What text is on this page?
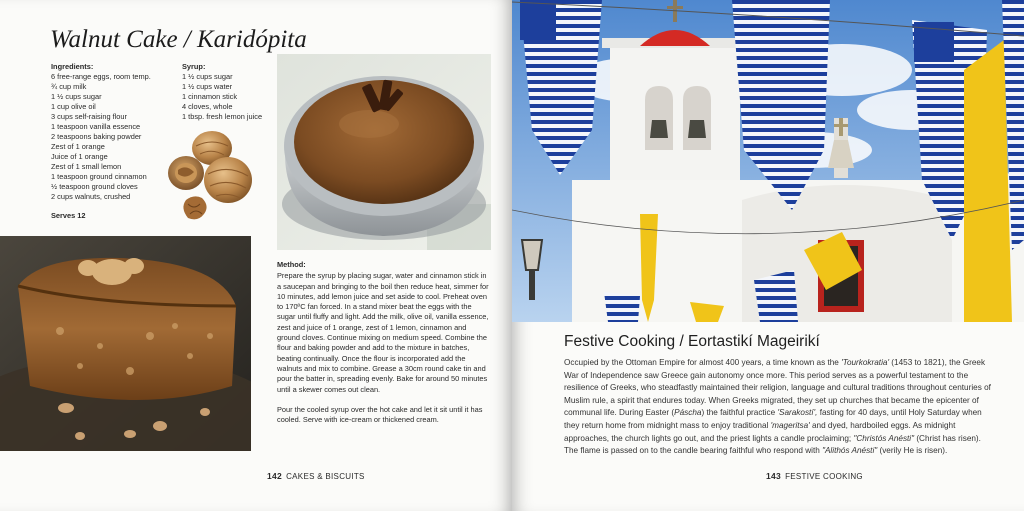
Walnut Cake / Karidópita
Ingredients:
6 free-range eggs, room temp.
¾ cup milk
1 ½ cups sugar
1 cup olive oil
3 cups self-raising flour
1 teaspoon vanilla essence
2 teaspoons baking powder
Zest of 1 orange
Juice of 1 orange
Zest of 1 small lemon
1 teaspoon ground cinnamon
½ teaspoon ground cloves
2 cups walnuts, crushed
Syrup:
1 ½ cups sugar
1 ½ cups water
1 cinnamon stick
4 cloves, whole
1 tbsp. fresh lemon juice
Serves 12
Method:

Prepare the syrup by placing sugar, water and cinnamon stick in a saucepan and bringing to the boil then reduce heat, simmer for 10 minutes, add lemon juice and set aside to cool. Preheat oven to 170ºC fan forced. In a stand mixer beat the eggs with the sugar until fluffy and light. Add the milk, olive oil, vanilla essence, zest and juice of 1 orange, zest of 1 lemon, cinnamon and ground cloves. Continue mixing on medium speed. Combine the flour and baking powder and add to the mixture in batches, beating continually. Once the flour is incorporated add the walnuts and mix to combine. Grease a 30cm round cake tin and pour the batter in, spreading evenly. Bake for around 50 minutes until a skewer comes out clean.

Pour the cooled syrup over the hot cake and let it sit until it has cooled. Serve with ice-cream or thickened cream.

142 CAKES & BISCUITS
Festive Cooking / Eortastikí Mageirikí
Occupied by the Ottoman Empire for almost 400 years, a time known as the 'Tourkokratia' (1453 to 1821), the Greek War of Independence saw Greece gain autonomy once more. This period serves as a powerful testament to the resilience of Greeks, who steadfastly maintained their religion, language and cultural traditions throughout centuries of Muslim rule, a spirit that endures today. When Greeks migrated, they set up churches that became the epicenter of communal life. During Easter (Páscha) the faithful practice 'Sarakostí', fasting for 40 days, until Holy Saturday when they return home from midnight mass to enjoy traditional 'mageritsa' and dyed, hardboiled eggs. As midnight approaches, the church lights go out, and the priest lights a candle proclaiming; "Christós Anésti" (Christ has risen). The flame is passed on to the candle bearing faithful who respond with "Alithós Anésti" (verily He is risen).
143 FESTIVE COOKING
